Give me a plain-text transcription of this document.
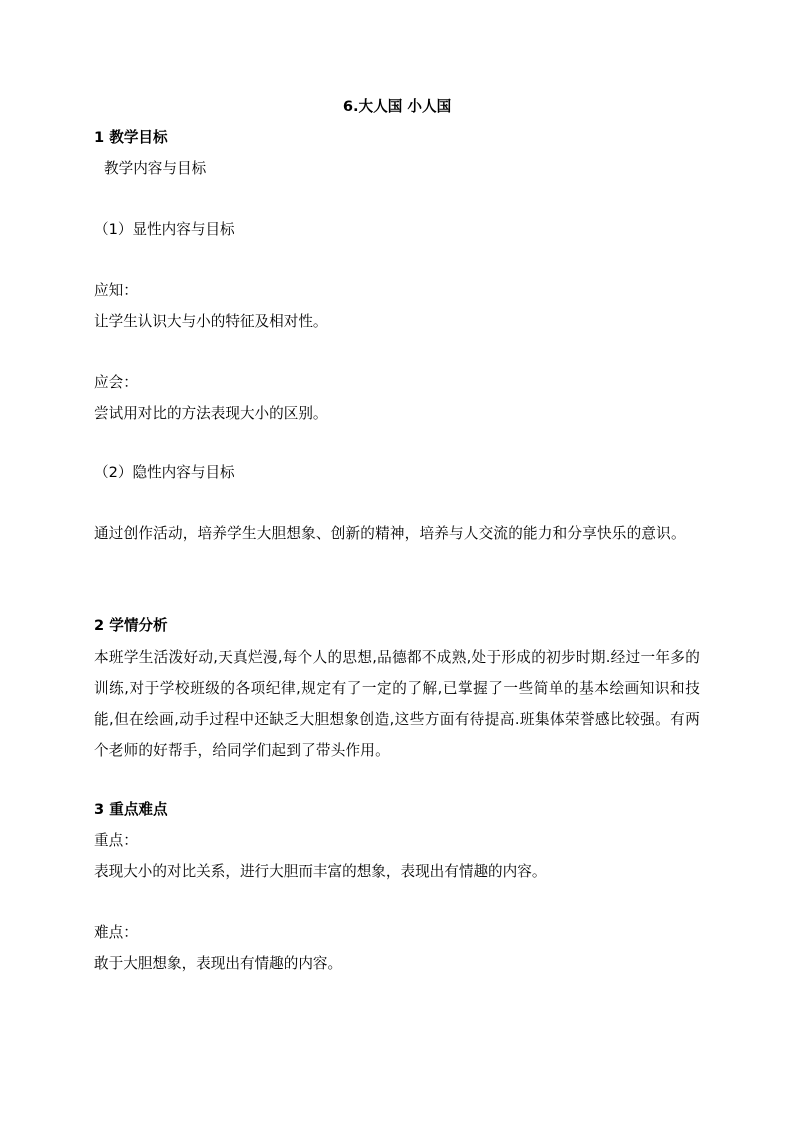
6.大人国 小人国

1 教学目标

教学内容与目标

（1）显性内容与目标

应知：

让学生认识大与小的特征及相对性。

应会：

尝试用对比的方法表现大小的区别。

（2）隐性内容与目标

通过创作活动，培养学生大胆想象、创新的精神，培养与人交流的能力和分享快乐的意识。

2 学情分析

本班学生活泼好动,天真烂漫,每个人的思想,品德都不成熟,处于形成的初步时期.经过一年多的训练,对于学校班级的各项纪律,规定有了一定的了解,已掌握了一些简单的基本绘画知识和技能,但在绘画,动手过程中还缺乏大胆想象创造,这些方面有待提高.班集体荣誉感比较强。有两个老师的好帮手，给同学们起到了带头作用。

3 重点难点

重点：

表现大小的对比关系，进行大胆而丰富的想象，表现出有情趣的内容。

难点：

敢于大胆想象，表现出有情趣的内容。
